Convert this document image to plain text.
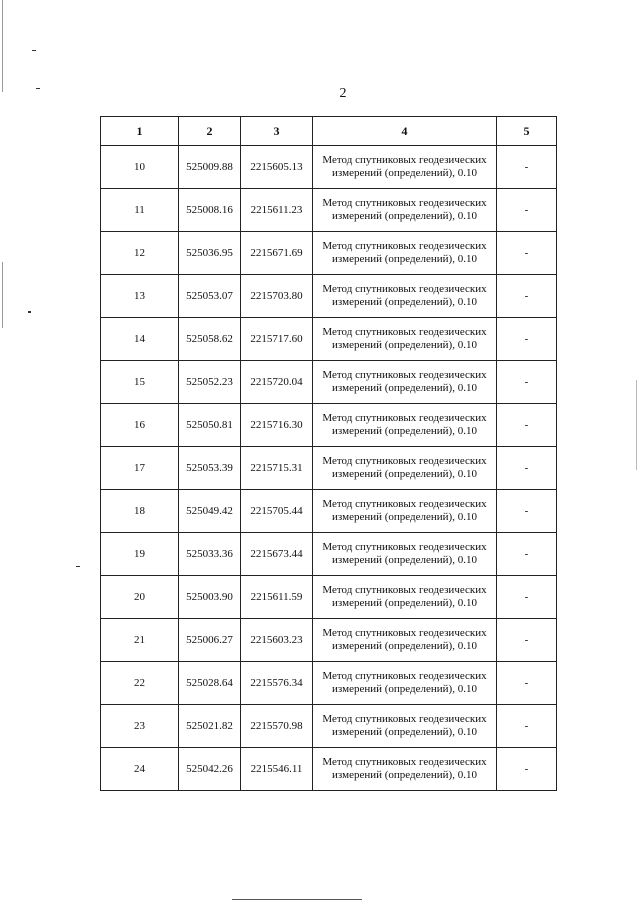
2
1	2	3	4	5
10	525009.88	2215605.13	Метод спутниковых геодезических измерений (определений), 0.10	-
11	525008.16	2215611.23	Метод спутниковых геодезических измерений (определений), 0.10	-
12	525036.95	2215671.69	Метод спутниковых геодезических измерений (определений), 0.10	-
13	525053.07	2215703.80	Метод спутниковых геодезических измерений (определений), 0.10	-
14	525058.62	2215717.60	Метод спутниковых геодезических измерений (определений), 0.10	-
15	525052.23	2215720.04	Метод спутниковых геодезических измерений (определений), 0.10	-
16	525050.81	2215716.30	Метод спутниковых геодезических измерений (определений), 0.10	-
17	525053.39	2215715.31	Метод спутниковых геодезических измерений (определений), 0.10	-
18	525049.42	2215705.44	Метод спутниковых геодезических измерений (определений), 0.10	-
19	525033.36	2215673.44	Метод спутниковых геодезических измерений (определений), 0.10	-
20	525003.90	2215611.59	Метод спутниковых геодезических измерений (определений), 0.10	-
21	525006.27	2215603.23	Метод спутниковых геодезических измерений (определений), 0.10	-
22	525028.64	2215576.34	Метод спутниковых геодезических измерений (определений), 0.10	-
23	525021.82	2215570.98	Метод спутниковых геодезических измерений (определений), 0.10	-
24	525042.26	2215546.11	Метод спутниковых геодезических измерений (определений), 0.10	-
